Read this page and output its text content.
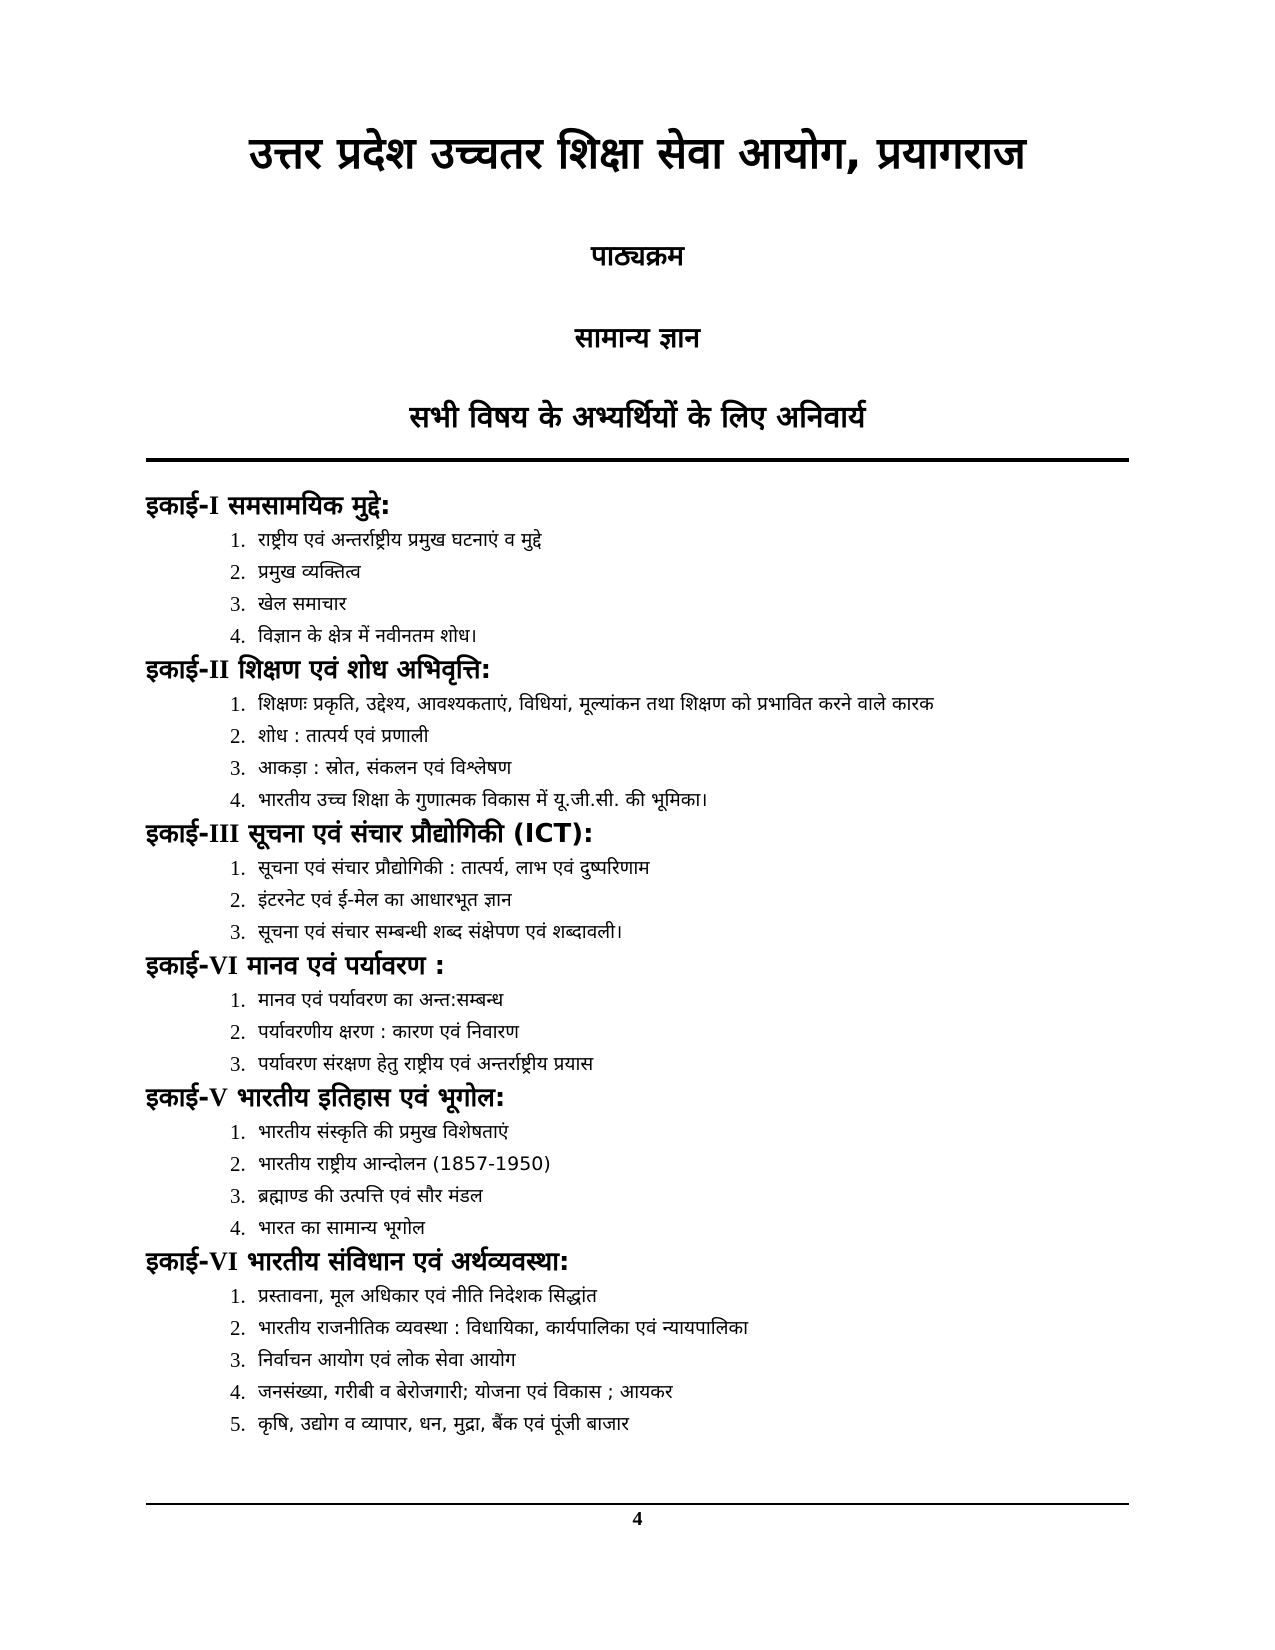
उत्तर प्रदेश उच्चतर शिक्षा सेवा आयोग, प्रयागराज
पाठ्यक्रम
सामान्य ज्ञान
सभी विषय के अभ्यर्थियों के लिए अनिवार्य
इकाई-I समसामयिक मुद्दे:
1. राष्ट्रीय एवं अन्तर्राष्ट्रीय प्रमुख घटनाएं व मुद्दे
2. प्रमुख व्यक्तित्व
3. खेल समाचार
4. विज्ञान के क्षेत्र में नवीनतम शोध।
इकाई-II शिक्षण एवं शोध अभिवृत्ति:
1. शिक्षणः प्रकृति, उद्देश्य, आवश्यकताएं, विधियां, मूल्यांकन तथा शिक्षण को प्रभावित करने वाले कारक
2. शोध : तात्पर्य एवं प्रणाली
3. आकड़ा : स्रोत, संकलन एवं विश्लेषण
4. भारतीय उच्च शिक्षा के गुणात्मक विकास में यू.जी.सी. की भूमिका।
इकाई-III सूचना एवं संचार प्रौद्योगिकी (ICT):
1. सूचना एवं संचार प्रौद्योगिकी : तात्पर्य, लाभ एवं दुष्परिणाम
2. इंटरनेट एवं ई-मेल का आधारभूत ज्ञान
3. सूचना एवं संचार सम्बन्धी शब्द संक्षेपण एवं शब्दावली।
इकाई-VI मानव एवं पर्यावरण :
1. मानव एवं पर्यावरण का अन्त:सम्बन्ध
2. पर्यावरणीय क्षरण : कारण एवं निवारण
3. पर्यावरण संरक्षण हेतु राष्ट्रीय एवं अन्तर्राष्ट्रीय प्रयास
इकाई-V भारतीय इतिहास एवं भूगोल:
1. भारतीय संस्कृति की प्रमुख विशेषताएं
2. भारतीय राष्ट्रीय आन्दोलन (1857-1950)
3. ब्रह्माण्ड की उत्पत्ति एवं सौर मंडल
4. भारत का सामान्य भूगोल
इकाई-VI भारतीय संविधान एवं अर्थव्यवस्था:
1. प्रस्तावना, मूल अधिकार एवं नीति निदेशक सिद्धांत
2. भारतीय राजनीतिक व्यवस्था : विधायिका, कार्यपालिका एवं न्यायपालिका
3. निर्वाचन आयोग एवं लोक सेवा आयोग
4. जनसंख्या, गरीबी व बेरोजगारी; योजना एवं विकास ; आयकर
5. कृषि, उद्योग व व्यापार, धन, मुद्रा, बैंक एवं पूंजी बाजार
4
